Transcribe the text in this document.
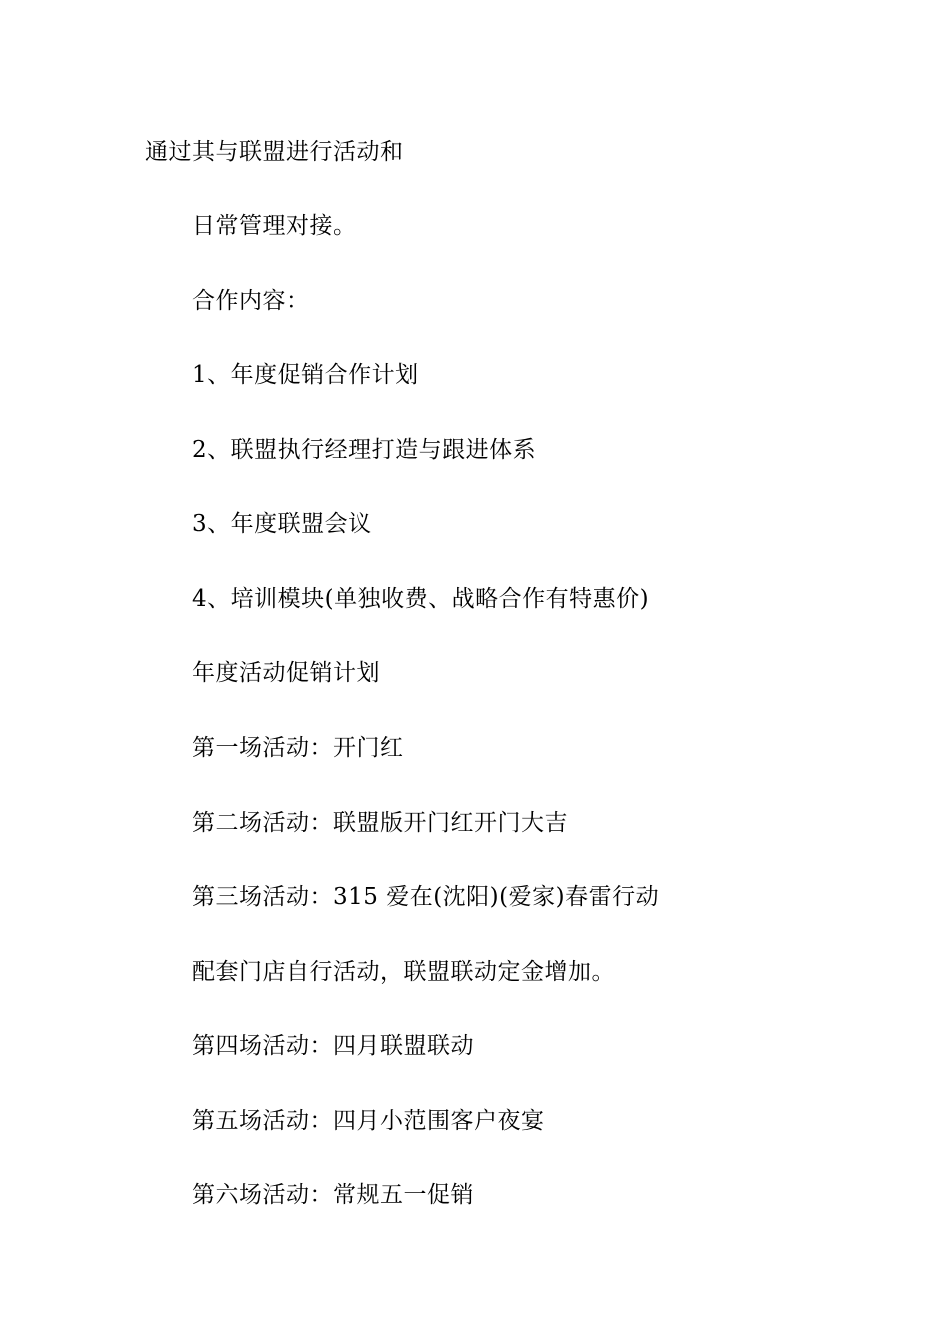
通过其与联盟进行活动和

日常管理对接。

合作内容：

1、年度促销合作计划

2、联盟执行经理打造与跟进体系

3、年度联盟会议

4、培训模块(单独收费、战略合作有特惠价)

年度活动促销计划

第一场活动：开门红

第二场活动：联盟版开门红开门大吉

第三场活动：315 爱在(沈阳)(爱家)春雷行动

配套门店自行活动，联盟联动定金增加。

第四场活动：四月联盟联动

第五场活动：四月小范围客户夜宴

第六场活动：常规五一促销
